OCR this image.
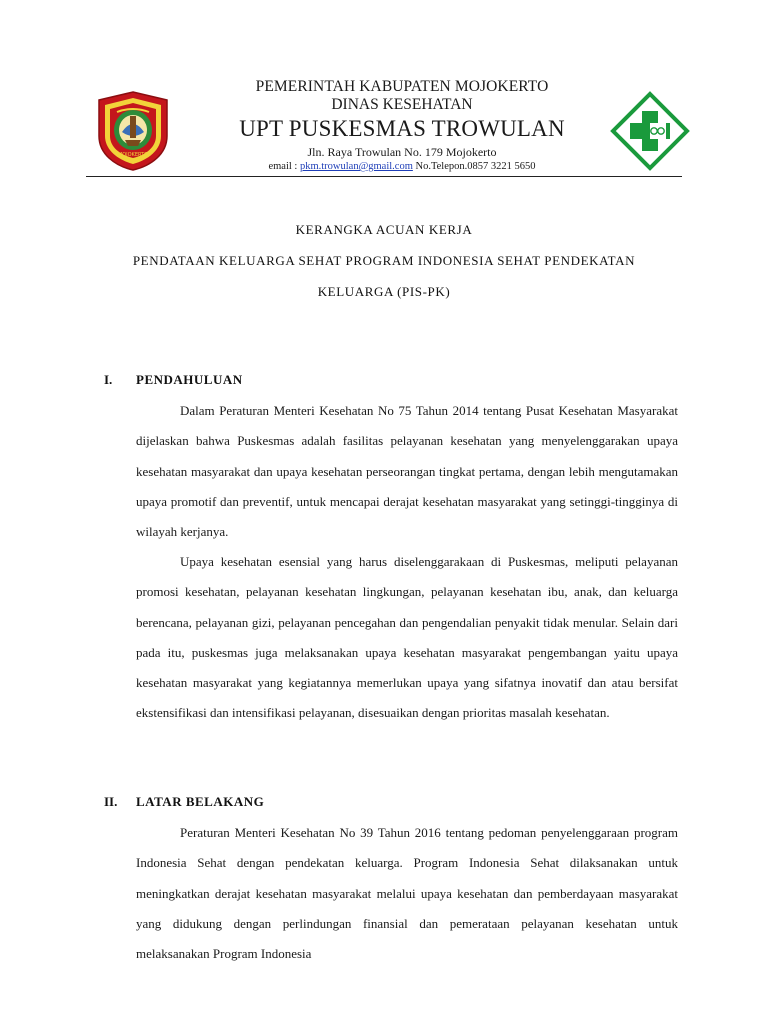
MOJOKERTO
PEMERINTAH KABUPATEN MOJOKERTO
DINAS KESEHATAN
UPT PUSKESMAS TROWULAN
Jln. Raya Trowulan No. 179 Mojokerto
email : pkm.trowulan@gmail.com No.Telepon.0857 3221 5650
KERANGKA ACUAN KERJA
PENDATAAN KELUARGA SEHAT PROGRAM INDONESIA SEHAT PENDEKATAN
KELUARGA (PIS-PK)
I. PENDAHULUAN

Dalam Peraturan Menteri Kesehatan No 75 Tahun 2014 tentang Pusat Kesehatan Masyarakat dijelaskan bahwa Puskesmas adalah fasilitas pelayanan kesehatan yang menyelenggarakan upaya kesehatan masyarakat dan upaya kesehatan perseorangan tingkat pertama, dengan lebih mengutamakan upaya promotif dan preventif, untuk mencapai derajat kesehatan masyarakat yang setinggi-tingginya di wilayah kerjanya.

Upaya kesehatan esensial yang harus diselenggarakaan di Puskesmas, meliputi pelayanan promosi kesehatan, pelayanan kesehatan lingkungan, pelayanan kesehatan ibu, anak, dan keluarga berencana, pelayanan gizi, pelayanan pencegahan dan pengendalian penyakit tidak menular. Selain dari pada itu, puskesmas juga melaksanakan upaya kesehatan masyarakat pengembangan yaitu upaya kesehatan masyarakat yang kegiatannya memerlukan upaya yang sifatnya inovatif dan atau bersifat ekstensifikasi dan intensifikasi pelayanan, disesuaikan dengan prioritas masalah kesehatan.

II. LATAR BELAKANG

Peraturan Menteri Kesehatan No 39 Tahun 2016 tentang pedoman penyelenggaraan program Indonesia Sehat dengan pendekatan keluarga. Program Indonesia Sehat dilaksanakan untuk meningkatkan derajat kesehatan masyarakat melalui upaya kesehatan dan pemberdayaan masyarakat yang didukung dengan perlindungan finansial dan pemerataan pelayanan kesehatan untuk melaksanakan Program Indonesia
